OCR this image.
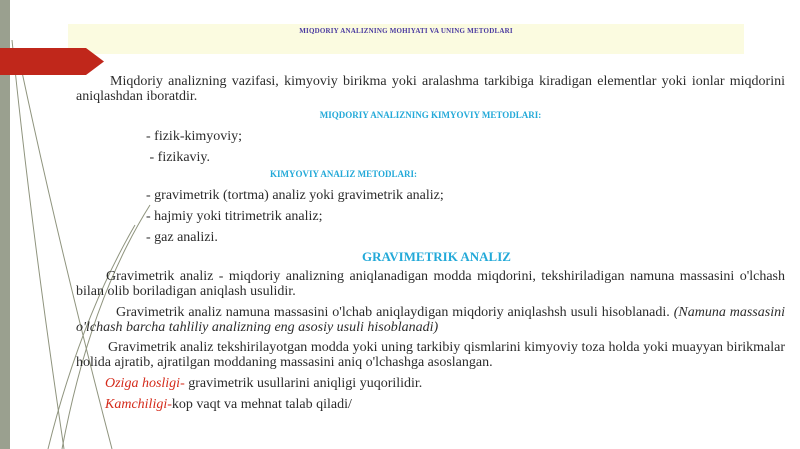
MIQDORIY ANALIZNING MOHIYATI VA UNING METODLARI
Miqdoriy analizning vazifasi, kimyoviy birikma yoki aralashma tarkibiga kiradigan elementlar yoki ionlar miqdorini aniqlashdan iboratdir.
MIQDORIY ANALIZNING KIMYOVIY METODLARI:
- fizik-kimyoviy;
- fizikaviy.
KIMYOVIY ANALIZ METODLARI:
- gravimetrik (tortma) analiz yoki gravimetrik analiz;
- hajmiy yoki titrimetrik analiz;
- gaz analizi.
GRAVIMETRIK ANALIZ
Gravimetrik analiz - miqdoriy analizning aniqlanadigan modda miqdorini, tekshiriladigan namuna massasini o'lchash bilan olib boriladigan aniqlash usulidir.
Gravimetrik analiz namuna massasini o'lchab aniqlaydigan miqdoriy aniqlashsh usuli hisoblanadi. (Namuna massasini o'lchash barcha tahliliy analizning eng asosiy usuli hisoblanadi)
Gravimetrik analiz tekshirilayotgan modda yoki uning tarkibiy qismlarini kimyoviy toza holda yoki muayyan birikmalar holida ajratib, ajratilgan moddaning massasini aniq o'lchashga asoslangan.
Oziga hosligi- gravimetrik usullarini aniqligi yuqorilidir.
Kamchiligi-kop vaqt va mehnat talab qiladi/
